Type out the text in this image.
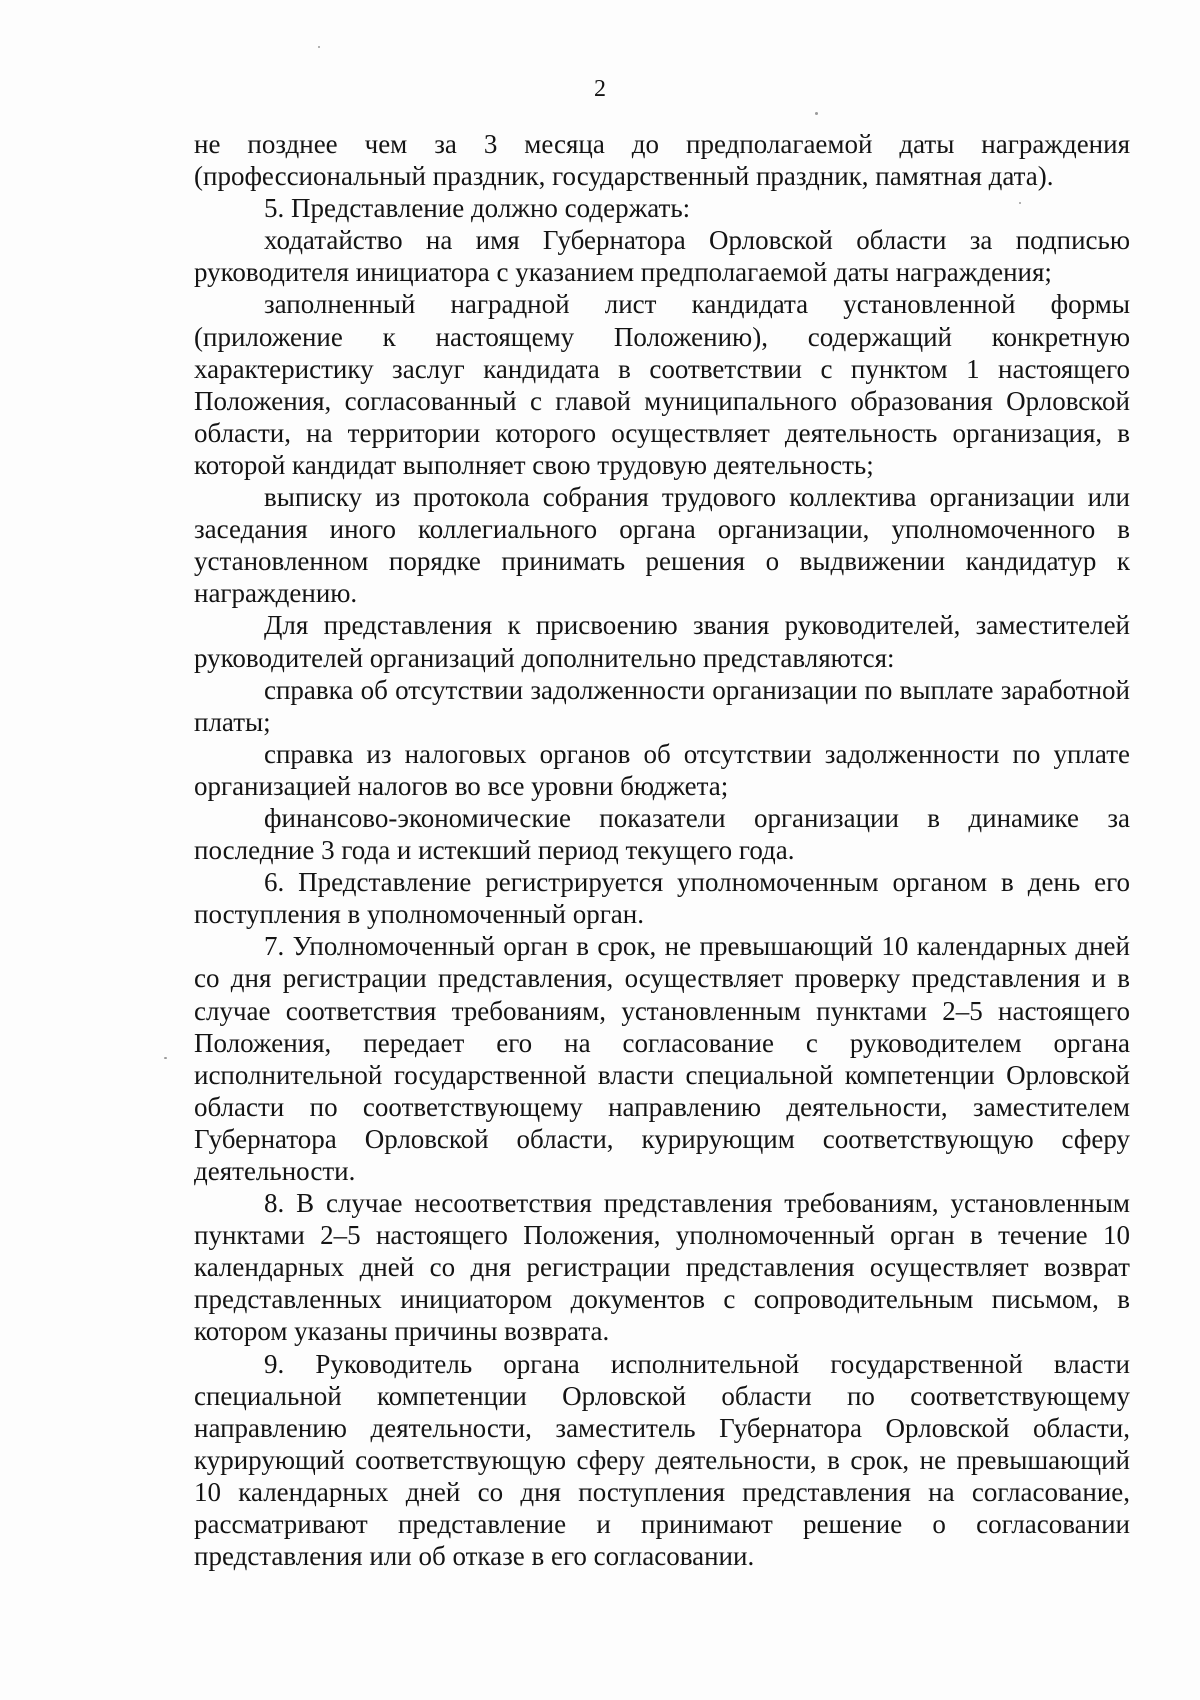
2

не позднее чем за 3 месяца до предполагаемой даты награждения (профессиональный праздник, государственный праздник, памятная дата).

5. Представление должно содержать:

ходатайство на имя Губернатора Орловской области за подписью руководителя инициатора с указанием предполагаемой даты награждения;

заполненный наградной лист кандидата установленной формы (приложение к настоящему Положению), содержащий конкретную характеристику заслуг кандидата в соответствии с пунктом 1 настоящего Положения, согласованный с главой муниципального образования Орловской области, на территории которого осуществляет деятельность организация, в которой кандидат выполняет свою трудовую деятельность;

выписку из протокола собрания трудового коллектива организации или заседания иного коллегиального органа организации, уполномоченного в установленном порядке принимать решения о выдвижении кандидатур к награждению.

Для представления к присвоению звания руководителей, заместителей руководителей организаций дополнительно представляются:

справка об отсутствии задолженности организации по выплате заработной платы;

справка из налоговых органов об отсутствии задолженности по уплате организацией налогов во все уровни бюджета;

финансово-экономические показатели организации в динамике за последние 3 года и истекший период текущего года.

6. Представление регистрируется уполномоченным органом в день его поступления в уполномоченный орган.

7. Уполномоченный орган в срок, не превышающий 10 календарных дней со дня регистрации представления, осуществляет проверку представления и в случае соответствия требованиям, установленным пунктами 2–5 настоящего Положения, передает его на согласование с руководителем органа исполнительной государственной власти специальной компетенции Орловской области по соответствующему направлению деятельности, заместителем Губернатора Орловской области, курирующим соответствующую сферу деятельности.

8. В случае несоответствия представления требованиям, установленным пунктами 2–5 настоящего Положения, уполномоченный орган в течение 10 календарных дней со дня регистрации представления осуществляет возврат представленных инициатором документов с сопроводительным письмом, в котором указаны причины возврата.

9. Руководитель органа исполнительной государственной власти специальной компетенции Орловской области по соответствующему направлению деятельности, заместитель Губернатора Орловской области, курирующий соответствующую сферу деятельности, в срок, не превышающий 10 календарных дней со дня поступления представления на согласование, рассматривают представление и принимают решение о согласовании представления или об отказе в его согласовании.
